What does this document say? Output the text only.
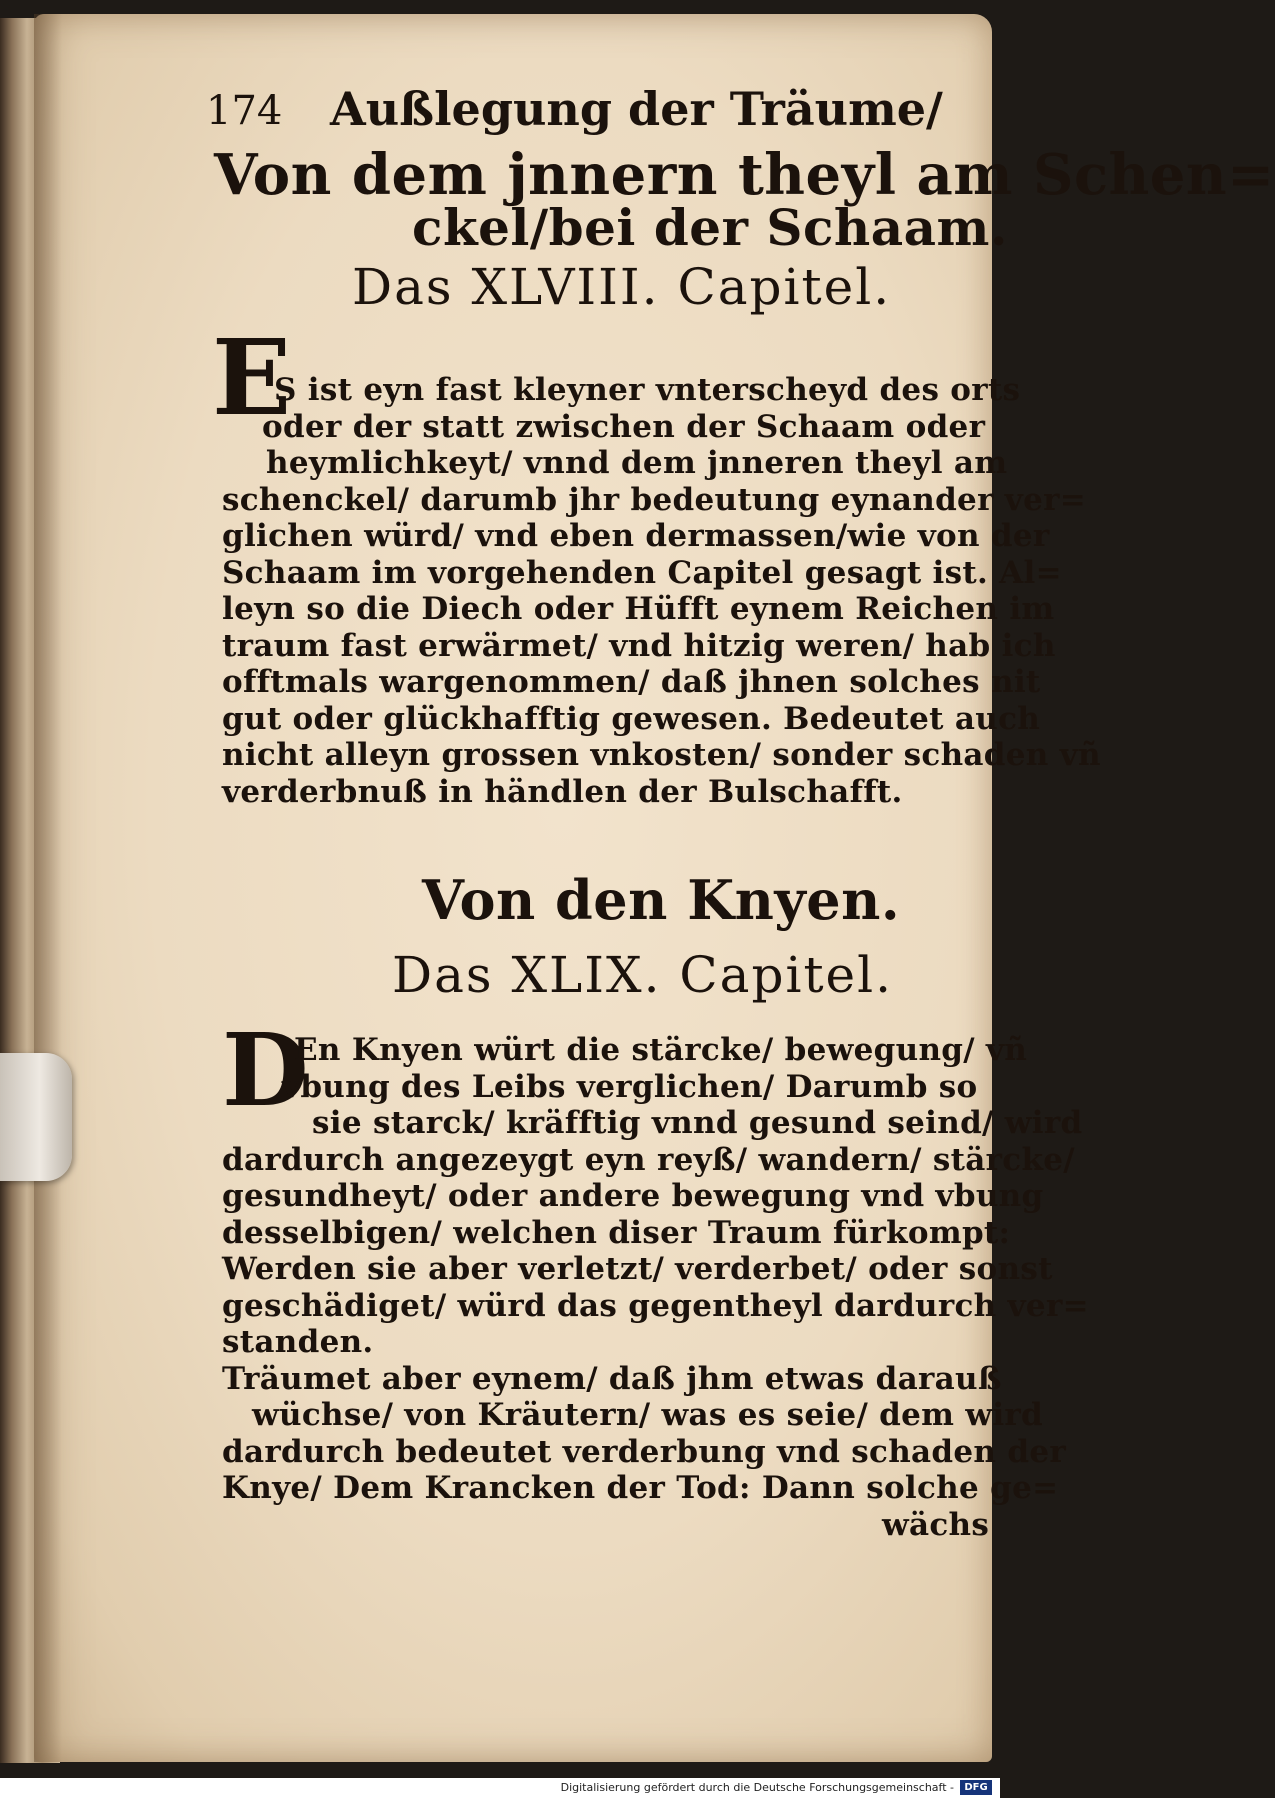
174 Außlegung der Träume/
Von dem jnnern theyl am Schen=
ckel/bei der Schaam.
Das XLVIII. Capitel.
E
S ist eyn fast kleyner vnterscheyd des orts
oder der statt zwischen der Schaam oder
heymlichkeyt/ vnnd dem jnneren theyl am
schenckel/ darumb jhr bedeutung eynander ver=
glichen würd/ vnd eben dermassen/wie von der
Schaam im vorgehenden Capitel gesagt ist. Al=
leyn so die Diech oder Hüfft eynem Reichen im
traum fast erwärmet/ vnd hitzig weren/ hab ich
offtmals wargenommen/ daß jhnen solches nit
gut oder glückhafftig gewesen. Bedeutet auch
nicht alleyn grossen vnkosten/ sonder schaden vñ
verderbnuß in händlen der Bulschafft.
Von den Knyen.
Das XLIX. Capitel.
D
En Knyen würt die stärcke/ bewegung/ vñ
vbung des Leibs verglichen/ Darumb so
sie starck/ kräfftig vnnd gesund seind/ wird
dardurch angezeygt eyn reyß/ wandern/ stärcke/
gesundheyt/ oder andere bewegung vnd vbung
desselbigen/ welchen diser Traum fürkompt:
Werden sie aber verletzt/ verderbet/ oder sonst
geschädiget/ würd das gegentheyl dardurch ver=
standen.
Träumet aber eynem/ daß jhm etwas darauß
wüchse/ von Kräutern/ was es seie/ dem wird
dardurch bedeutet verderbung vnd schaden der
Knye/ Dem Krancken der Tod: Dann solche ge=
wächs
Digitalisierung gefördert durch die Deutsche Forschungsgemeinschaft -	DFG
